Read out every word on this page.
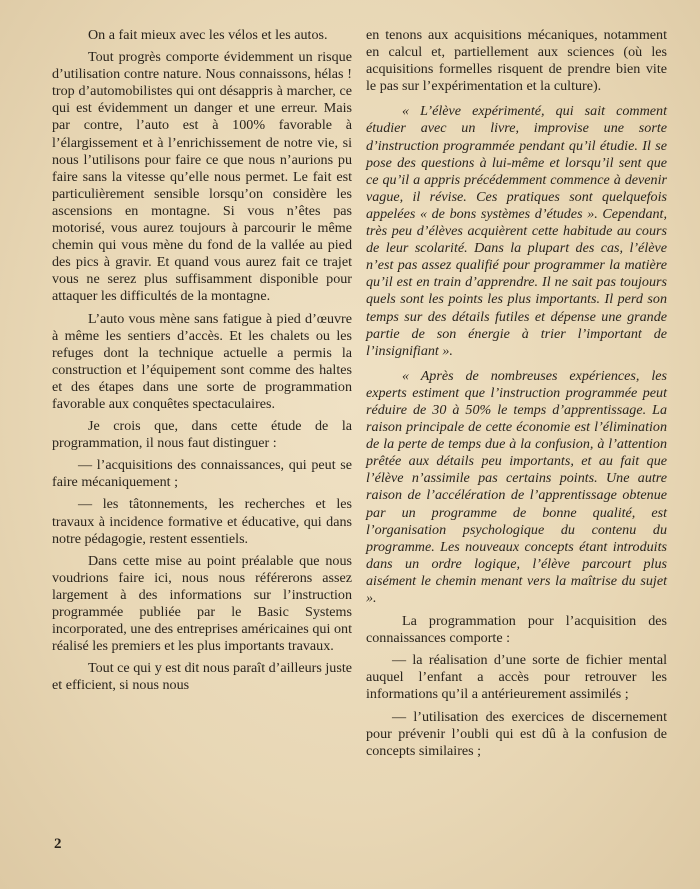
On a fait mieux avec les vélos et les autos.

Tout progrès comporte évidemment un risque d’utilisation contre nature. Nous connaissons, hélas ! trop d’automobilistes qui ont désappris à marcher, ce qui est évidemment un danger et une erreur. Mais par contre, l’auto est à 100% favorable à l’élargissement et à l’enrichissement de notre vie, si nous l’utilisons pour faire ce que nous n’aurions pu faire sans la vitesse qu’elle nous permet. Le fait est particulièrement sensible lorsqu’on considère les ascensions en montagne. Si vous n’êtes pas motorisé, vous aurez toujours à parcourir le même chemin qui vous mène du fond de la vallée au pied des pics à gravir. Et quand vous aurez fait ce trajet vous ne serez plus suffisamment disponible pour attaquer les difficultés de la montagne.

L’auto vous mène sans fatigue à pied d’œuvre à même les sentiers d’accès. Et les chalets ou les refuges dont la technique actuelle a permis la construction et l’équipement sont comme des haltes et des étapes dans une sorte de programmation favorable aux conquêtes spectaculaires.

Je crois que, dans cette étude de la programmation, il nous faut distinguer :

— l’acquisitions des connaissances, qui peut se faire mécaniquement ;

— les tâtonnements, les recherches et les travaux à incidence formative et éducative, qui dans notre pédagogie, restent essentiels.

Dans cette mise au point préalable que nous voudrions faire ici, nous nous référerons assez largement à des informations sur l’instruction programmée publiée par le Basic Systems incorporated, une des entreprises américaines qui ont réalisé les premiers et les plus importants travaux.

Tout ce qui y est dit nous paraît d’ailleurs juste et efficient, si nous nous

en tenons aux acquisitions mécaniques, notamment en calcul et, partiellement aux sciences (où les acquisitions formelles risquent de prendre bien vite le pas sur l’expérimentation et la culture).

« L’élève expérimenté, qui sait comment étudier avec un livre, improvise une sorte d’instruction programmée pendant qu’il étudie. Il se pose des questions à lui-même et lorsqu’il sent que ce qu’il a appris précédemment commence à devenir vague, il révise. Ces pratiques sont quelquefois appelées « de bons systèmes d’études ». Cependant, très peu d’élèves acquièrent cette habitude au cours de leur scolarité. Dans la plupart des cas, l’élève n’est pas assez qualifié pour programmer la matière qu’il est en train d’apprendre. Il ne sait pas toujours quels sont les points les plus importants. Il perd son temps sur des détails futiles et dépense une grande partie de son énergie à trier l’important de l’insignifiant ».

« Après de nombreuses expériences, les experts estiment que l’instruction programmée peut réduire de 30 à 50% le temps d’apprentissage. La raison principale de cette économie est l’élimination de la perte de temps due à la confusion, à l’attention prêtée aux détails peu importants, et au fait que l’élève n’assimile pas certains points. Une autre raison de l’accélération de l’apprentissage obtenue par un programme de bonne qualité, est l’organisation psychologique du contenu du programme. Les nouveaux concepts étant introduits dans un ordre logique, l’élève parcourt plus aisément le chemin menant vers la maîtrise du sujet ».

La programmation pour l’acquisition des connaissances comporte :

— la réalisation d’une sorte de fichier mental auquel l’enfant a accès pour retrouver les informations qu’il a antérieurement assimilés ;

— l’utilisation des exercices de discernement pour prévenir l’oubli qui est dû à la confusion de concepts similaires ;

2
